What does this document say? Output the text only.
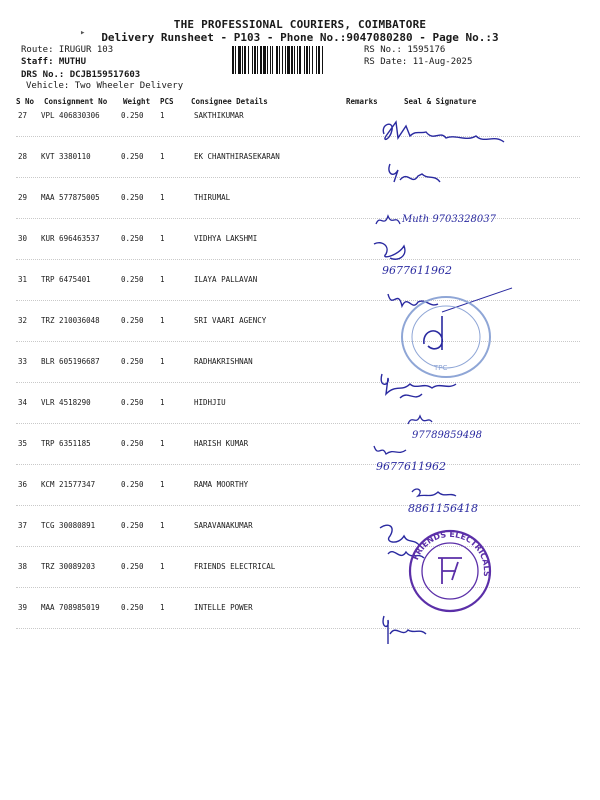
THE PROFESSIONAL COURIERS, COIMBATORE
▸	Delivery Runsheet - P103 - Phone No.:9047080280 - Page No.:3
Route: IRUGUR 103
Staff: MUTHU
DRS No.: DCJB159517603
Vehicle: Two Wheeler Delivery
RS No.: 1595176
RS Date: 11-Aug-2025
S No Consignment No Weight PCS Consignee Details	Remarks	Seal & Signature
27 VPL 406830306	0.250 1	SAKTHIKUMAR
28 KVT 3380110	0.250 1	EK CHANTHIRASEKARAN
29 MAA 577875005	0.250 1	THIRUMAL
30 KUR 696463537	0.250 1	VIDHYA LAKSHMI
31 TRP 6475401	0.250 1	ILAYA PALLAVAN
32 TRZ 210036048	0.250 1	SRI VAARI AGENCY
33 BLR 605196687	0.250 1	RADHAKRISHNAN
34 VLR 4518290	0.250 1	HIDHJIU
35 TRP 6351185	0.250 1	HARISH KUMAR
36 KCM 21577347	0.250 1	RAMA MOORTHY
37 TCG 30080891	0.250 1	SARAVANAKUMAR
38 TRZ 30089203	0.250 1	FRIENDS ELECTRICAL
39 MAA 708985019	0.250 1	INTELLE POWER
Muth 9703328037
9677611962
TPC
97789859498
9677611962
8861156418
FRIENDS ELECTRICALS
